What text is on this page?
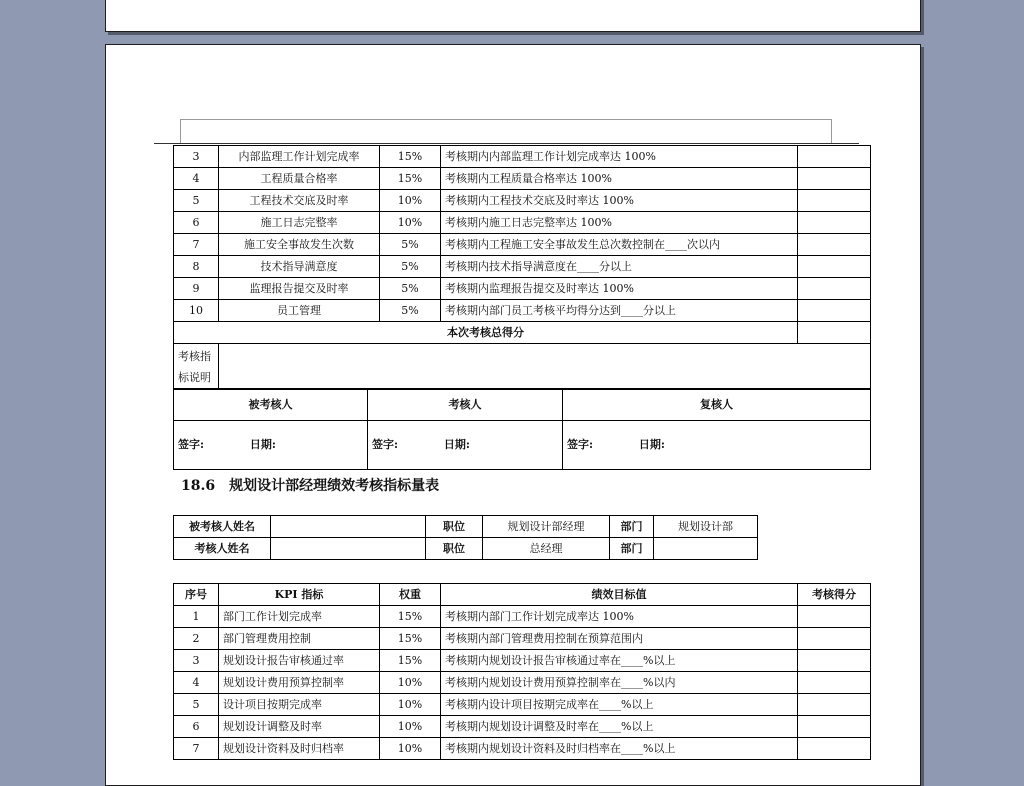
3	内部监理工作计划完成率	15%	考核期内内部监理工作计划完成率达 100%	
4	工程质量合格率	15%	考核期内工程质量合格率达 100%	
5	工程技术交底及时率	10%	考核期内工程技术交底及时率达 100%	
6	施工日志完整率	10%	考核期内施工日志完整率达 100%	
7	施工安全事故发生次数	5%	考核期内工程施工安全事故发生总次数控制在____次以内	
8	技术指导满意度	5%	考核期内技术指导满意度在____分以上	
9	监理报告提交及时率	5%	考核期内监理报告提交及时率达 100%	
10	员工管理	5%	考核期内部门员工考核平均得分达到____分以上	
本次考核总得分				
考核指标说明				
被考核人	考核人	复核人
签字: 日期:	签字: 日期:	签字: 日期:
18.6 规划设计部经理绩效考核指标量表
被考核人姓名		职位	规划设计部经理	部门	规划设计部
考核人姓名		职位	总经理	部门	
序号	KPI 指标	权重	绩效目标值	考核得分
1	部门工作计划完成率	15%	考核期内部门工作计划完成率达 100%	
2	部门管理费用控制	15%	考核期内部门管理费用控制在预算范围内	
3	规划设计报告审核通过率	15%	考核期内规划设计报告审核通过率在____%以上	
4	规划设计费用预算控制率	10%	考核期内规划设计费用预算控制率在____%以内	
5	设计项目按期完成率	10%	考核期内设计项目按期完成率在____%以上	
6	规划设计调整及时率	10%	考核期内规划设计调整及时率在____%以上	
7	规划设计资料及时归档率	10%	考核期内规划设计资料及时归档率在____%以上	
